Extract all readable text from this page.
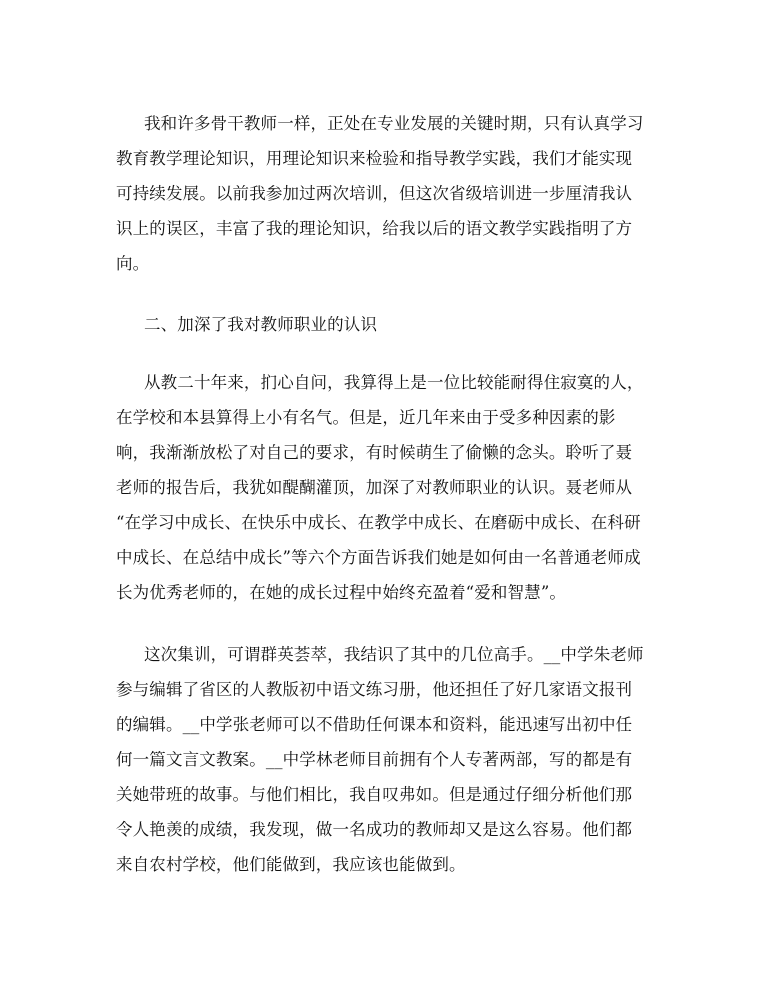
我和许多骨干教师一样，正处在专业发展的关键时期，只有认真学习
教育教学理论知识，用理论知识来检验和指导教学实践，我们才能实现
可持续发展。以前我参加过两次培训，但这次省级培训进一步厘清我认
识上的误区，丰富了我的理论知识，给我以后的语文教学实践指明了方
向。
二、加深了我对教师职业的认识
从教二十年来，扪心自问，我算得上是一位比较能耐得住寂寞的人，
在学校和本县算得上小有名气。但是，近几年来由于受多种因素的影
响，我渐渐放松了对自己的要求，有时候萌生了偷懒的念头。聆听了聂
老师的报告后，我犹如醍醐灌顶，加深了对教师职业的认识。聂老师从
“在学习中成长、在快乐中成长、在教学中成长、在磨砺中成长、在科研
中成长、在总结中成长”等六个方面告诉我们她是如何由一名普通老师成
长为优秀老师的，在她的成长过程中始终充盈着“爱和智慧”。
这次集训，可谓群英荟萃，我结识了其中的几位高手。__中学朱老师
参与编辑了省区的人教版初中语文练习册，他还担任了好几家语文报刊
的编辑。__中学张老师可以不借助任何课本和资料，能迅速写出初中任
何一篇文言文教案。__中学林老师目前拥有个人专著两部，写的都是有
关她带班的故事。与他们相比，我自叹弗如。但是通过仔细分析他们那
令人艳羡的成绩，我发现，做一名成功的教师却又是这么容易。他们都
来自农村学校，他们能做到，我应该也能做到。
